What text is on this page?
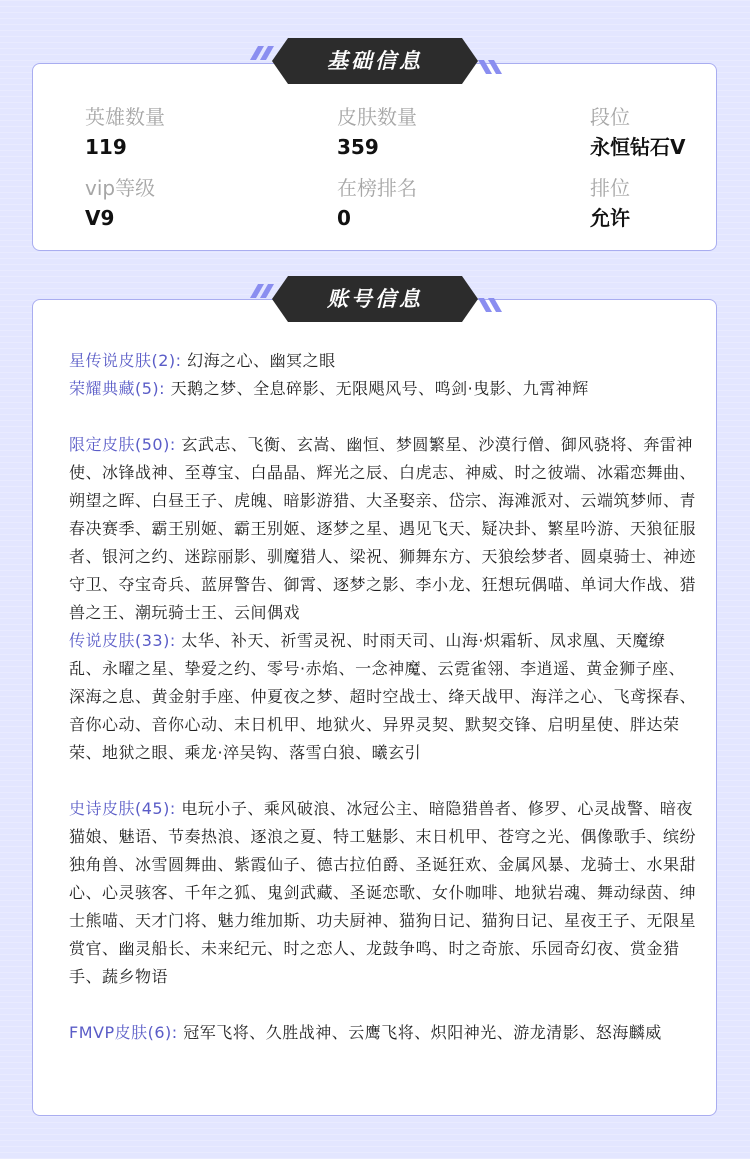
英雄数量
119
皮肤数量
359
段位
永恒钻石V
vip等级
V9
在榜排名
0
排位
允许
基础信息
星传说皮肤(2): 幻海之心、幽冥之眼
荣耀典藏(5): 天鹅之梦、全息碎影、无限飓风号、鸣剑·曳影、九霄神辉
限定皮肤(50): 玄武志、飞衡、玄嵩、幽恒、梦圆繁星、沙漠行僧、御风骁将、奔雷神使、冰锋战神、至尊宝、白晶晶、辉光之辰、白虎志、神威、时之彼端、冰霜恋舞曲、朔望之晖、白昼王子、虎魄、暗影游猎、大圣娶亲、岱宗、海滩派对、云端筑梦师、青春决赛季、霸王别姬、霸王别姬、逐梦之星、遇见飞天、疑决卦、繁星吟游、天狼征服者、银河之约、迷踪丽影、驯魔猎人、梁祝、狮舞东方、天狼绘梦者、圆桌骑士、神迹守卫、夺宝奇兵、蓝屏警告、御霄、逐梦之影、李小龙、狂想玩偶喵、单词大作战、猎兽之王、潮玩骑士王、云间偶戏
传说皮肤(33): 太华、补天、祈雪灵祝、时雨天司、山海·炽霜斩、凤求凰、天魔缭乱、永曜之星、挚爱之约、零号·赤焰、一念神魔、云霓雀翎、李逍遥、黄金狮子座、深海之息、黄金射手座、仲夏夜之梦、超时空战士、绛天战甲、海洋之心、飞鸢探春、音你心动、音你心动、末日机甲、地狱火、异界灵契、默契交锋、启明星使、胖达荣荣、地狱之眼、乘龙·淬吴钩、落雪白狼、曦玄引
史诗皮肤(45): 电玩小子、乘风破浪、冰冠公主、暗隐猎兽者、修罗、心灵战警、暗夜猫娘、魅语、节奏热浪、逐浪之夏、特工魅影、末日机甲、苍穹之光、偶像歌手、缤纷独角兽、冰雪圆舞曲、紫霞仙子、德古拉伯爵、圣诞狂欢、金属风暴、龙骑士、水果甜心、心灵骇客、千年之狐、鬼剑武藏、圣诞恋歌、女仆咖啡、地狱岩魂、舞动绿茵、绅士熊喵、天才门将、魅力维加斯、功夫厨神、猫狗日记、猫狗日记、星夜王子、无限星赏官、幽灵船长、未来纪元、时之恋人、龙鼓争鸣、时之奇旅、乐园奇幻夜、赏金猎手、蔬乡物语
FMVP皮肤(6): 冠军飞将、久胜战神、云鹰飞将、炽阳神光、游龙清影、怒海麟威
账号信息
